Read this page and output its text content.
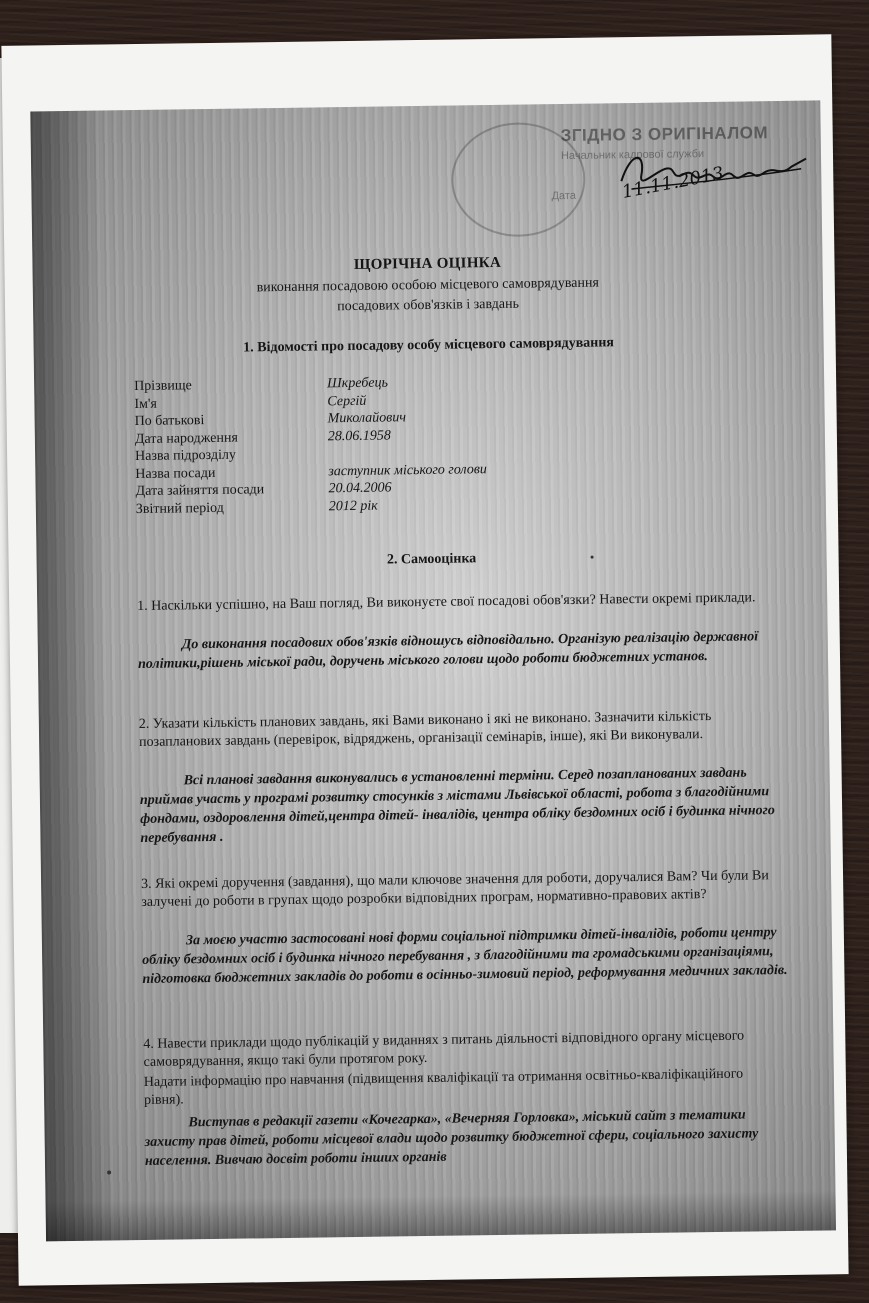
ЗГІДНО З ОРИГІНАЛОМ
Начальник кадрової служби
Дата 11.11.2013
ЩОРІЧНА ОЦІНКА
виконання посадовою особою місцевого самоврядування
посадових обов'язків і завдань
1. Відомості про посадову особу місцевого самоврядування
Прізвище	Шкребець
Ім'я	Сергій
По батькові	Миколайович
Дата народження	28.06.1958
Назва підрозділу
Назва посади	заступник міського голови
Дата зайняття посади	20.04.2006
Звітний період	2012 рік
2. Самооцінка
1. Наскільки успішно, на Ваш погляд, Ви виконуєте свої посадові обов'язки? Навести окремі приклади.
До виконання посадових обов'язків відношусь відповідально. Організую реалізацію державної політики,рішень міської ради, доручень міського голови щодо роботи бюджетних установ.
2. Указати кількість планових завдань, які Вами виконано і які не виконано. Зазначити кількість позапланових завдань (перевірок, відряджень, організації семінарів, інше), які Ви виконували.
Всі планові завдання виконувались в установленні терміни. Серед позапланованих завдань приймав участь у програмі розвитку стосунків з містами Львівської області, робота з благодійними фондами, оздоровлення дітей,центра дітей- інвалідів, центра обліку бездомних осіб і будинка нічного перебування .
3. Які окремі доручення (завдання), що мали ключове значення для роботи, доручалися Вам? Чи були Ви залучені до роботи в групах щодо розробки відповідних програм, нормативно-правових актів?
За моєю участю застосовані нові форми соціальної підтримки дітей-інвалідів, роботи центру обліку бездомних осіб і будинка нічного перебування , з благодійними та громадськими організаціями, підготовка бюджетних закладів до роботи в осінньо-зимовий період, реформування медичних закладів.
4. Навести приклади щодо публікацій у виданнях з питань діяльності відповідного органу місцевого самоврядування, якщо такі були протягом року.
Надати інформацію про навчання (підвищення кваліфікації та отримання освітньо-кваліфікаційного рівня).
Виступав в редакції газети «Кочегарка», «Вечерняя Горловка», міський сайт з тематики захисту прав дітей, роботи місцевої влади щодо розвитку бюджетної сфери, соціального захисту населення. Вивчаю досвіт роботи інших органів
